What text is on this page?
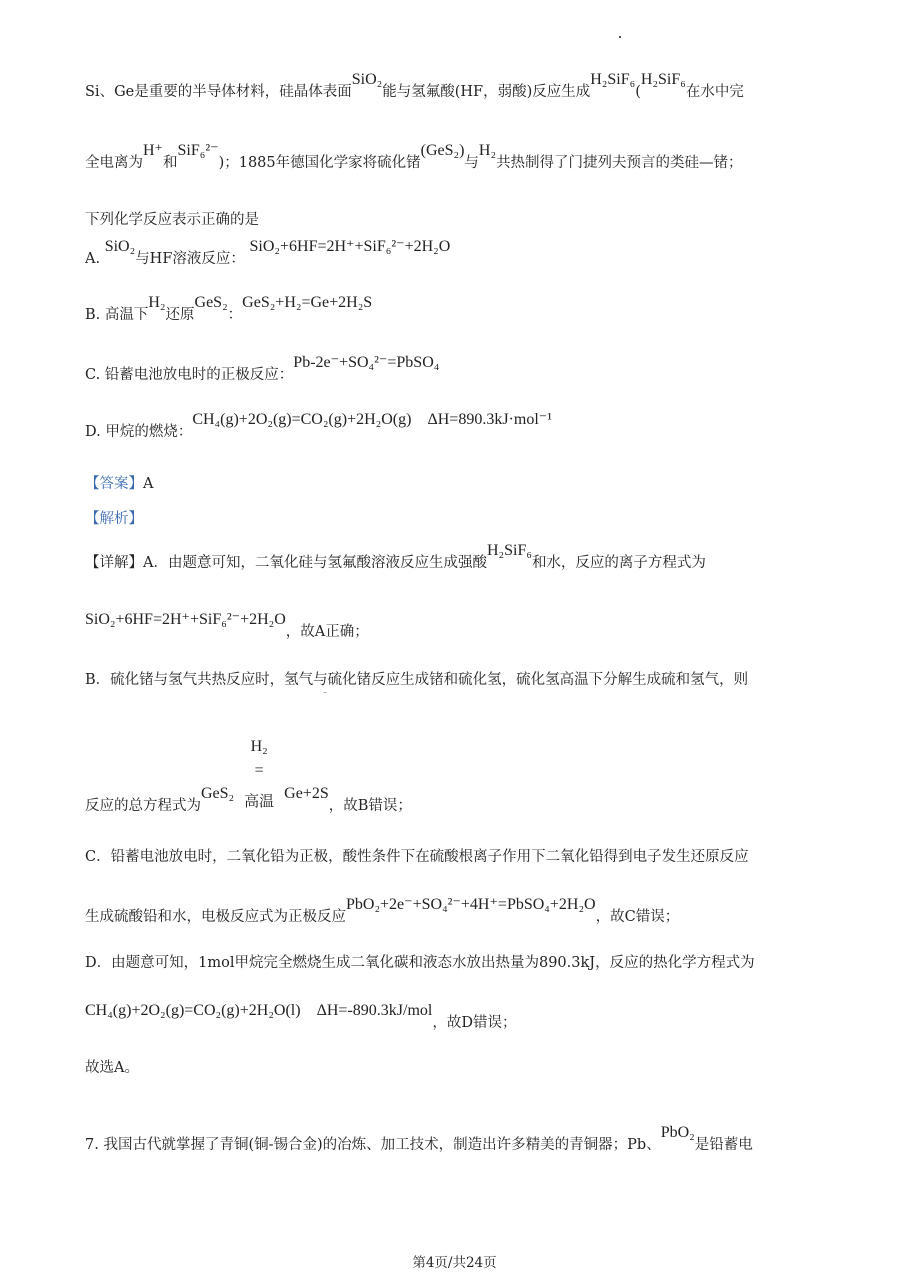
Si、Ge是重要的半导体材料，硅晶体表面SiO₂能与氢氟酸(HF，弱酸)反应生成H₂SiF₆(H₂SiF₆在水中完
全电离为H⁺和SiF₆²⁻)；1885年德国化学家将硫化锗(GeS₂)与H₂共热制得了门捷列夫预言的类硅—锗；
下列化学反应表示正确的是
A. SiO₂与HF溶液反应： SiO₂+6HF=2H⁺+SiF₆²⁻+2H₂O
B. 高温下H₂还原GeS₂：GeS₂+H₂=Ge+2H₂S
C. 铅蓄电池放电时的正极反应：Pb-2e⁻+SO₄²⁻=PbSO₄
D. 甲烷的燃烧：CH₄(g)+2O₂(g)=CO₂(g)+2H₂O(g)    ΔH=890.3kJ·mol⁻¹
【答案】A
【解析】
【详解】A．由题意可知，二氧化硅与氢氟酸溶液反应生成强酸H₂SiF₆和水，反应的离子方程式为
SiO₂+6HF=2H⁺+SiF₆²⁻+2H₂O，故A正确；
B．硫化锗与氢气共热反应时，氢气与硫化锗反应生成锗和硫化氢，硫化氢高温下分解生成硫和氢气，则
反应的总方程式为GeS₂
H₂
=
高温 Ge+2S，故B错误；
C．铅蓄电池放电时，二氧化铅为正极，酸性条件下在硫酸根离子作用下二氧化铅得到电子发生还原反应
生成硫酸铅和水，电极反应式为正极反应PbO₂+2e⁻+SO₄²⁻+4H⁺=PbSO₄+2H₂O，故C错误；
D．由题意可知，1mol甲烷完全燃烧生成二氧化碳和液态水放出热量为890.3kJ，反应的热化学方程式为
CH₄(g)+2O₂(g)=CO₂(g)+2H₂O(l)    ΔH=-890.3kJ/mol，故D错误；
故选A。
7. 我国古代就掌握了青铜(铜-锡合金)的冶炼、加工技术，制造出许多精美的青铜器；Pb、PbO₂是铅蓄电
第4页/共24页
